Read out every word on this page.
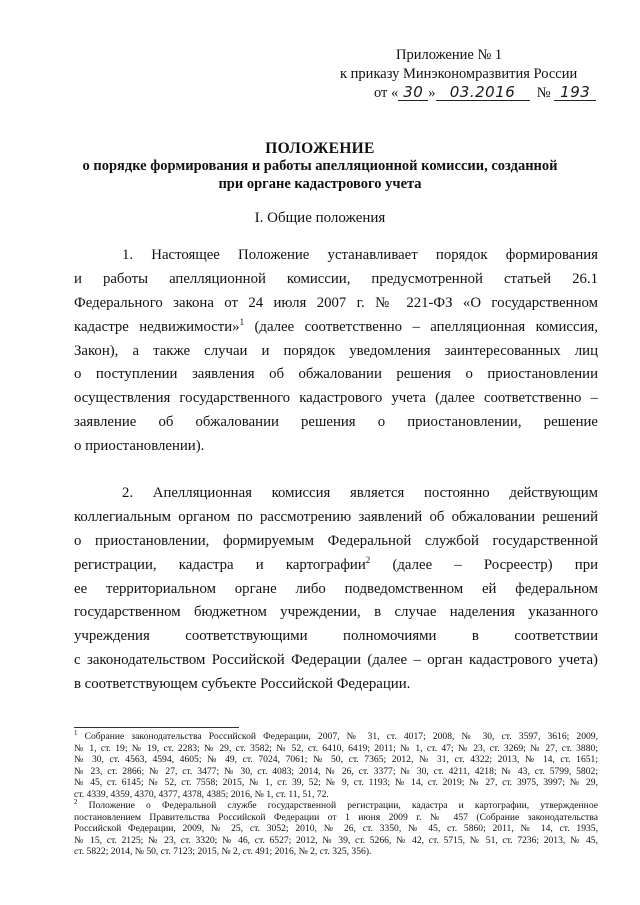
Приложение № 1
к приказу Минэкономразвития России
от « 30 » 03.2016 № 193
ПОЛОЖЕНИЕ
о порядке формирования и работы апелляционной комиссии, созданной
при органе кадастрового учета
I. Общие положения
1. Настоящее Положение устанавливает порядок формирования
и работы апелляционной комиссии, предусмотренной статьей 26.1
Федерального закона от 24 июля 2007 г. № 221-ФЗ «О государственном
кадастре недвижимости»$^1$ (далее соответственно – апелляционная комиссия,
Закон), а также случаи и порядок уведомления заинтересованных лиц
о поступлении заявления об обжаловании решения о приостановлении
осуществления государственного кадастрового учета (далее соответственно –
заявление об обжаловании решения о приостановлении, решение
о приостановлении).
2. Апелляционная комиссия является постоянно действующим
коллегиальным органом по рассмотрению заявлений об обжаловании решений
о приостановлении, формируемым Федеральной службой государственной
регистрации, кадастра и картографии$^2$ (далее – Росреестр) при
ее территориальном органе либо подведомственном ей федеральном
государственном бюджетном учреждении, в случае наделения указанного
учреждения соответствующими полномочиями в соответствии
с законодательством Российской Федерации (далее – орган кадастрового учета)
в соответствующем субъекте Российской Федерации.
$^1$ Собрание законодательства Российской Федерации, 2007, № 31, ст. 4017; 2008, № 30, ст. 3597, 3616; 2009,
№ 1, ст. 19; № 19, ст. 2283; № 29, ст. 3582; № 52, ст. 6410, 6419; 2011; № 1, ст. 47; № 23, ст. 3269; № 27, ст. 3880;
№ 30, ст. 4563, 4594, 4605; № 49, ст. 7024, 7061; № 50, ст. 7365; 2012, № 31, ст. 4322; 2013, № 14, ст. 1651;
№ 23, ст. 2866; № 27, ст. 3477; № 30, ст. 4083; 2014, № 26, ст. 3377; № 30, ст. 4211, 4218; № 43, ст. 5799, 5802;
№ 45, ст. 6145; № 52, ст. 7558; 2015, № 1, ст. 39, 52; № 9, ст. 1193; № 14, ст. 2019; № 27, ст. 3975, 3997; № 29,
ст. 4339, 4359, 4370, 4377, 4378, 4385; 2016, № 1, ст. 11, 51, 72.
$^2$ Положение о Федеральной службе государственной регистрации, кадастра и картографии, утвержденное
постановлением Правительства Российской Федерации от 1 июня 2009 г. № 457 (Собрание законодательства
Российской Федерации, 2009, № 25, ст. 3052; 2010, № 26, ст. 3350, № 45, ст. 5860; 2011, № 14, ст. 1935,
№ 15, ст. 2125; № 23, ст. 3320; № 46, ст. 6527; 2012, № 39, ст. 5266, № 42, ст. 5715, № 51, ст. 7236; 2013, № 45,
ст. 5822; 2014, № 50, ст. 7123; 2015, № 2, ст. 491; 2016, № 2, ст. 325, 356).
